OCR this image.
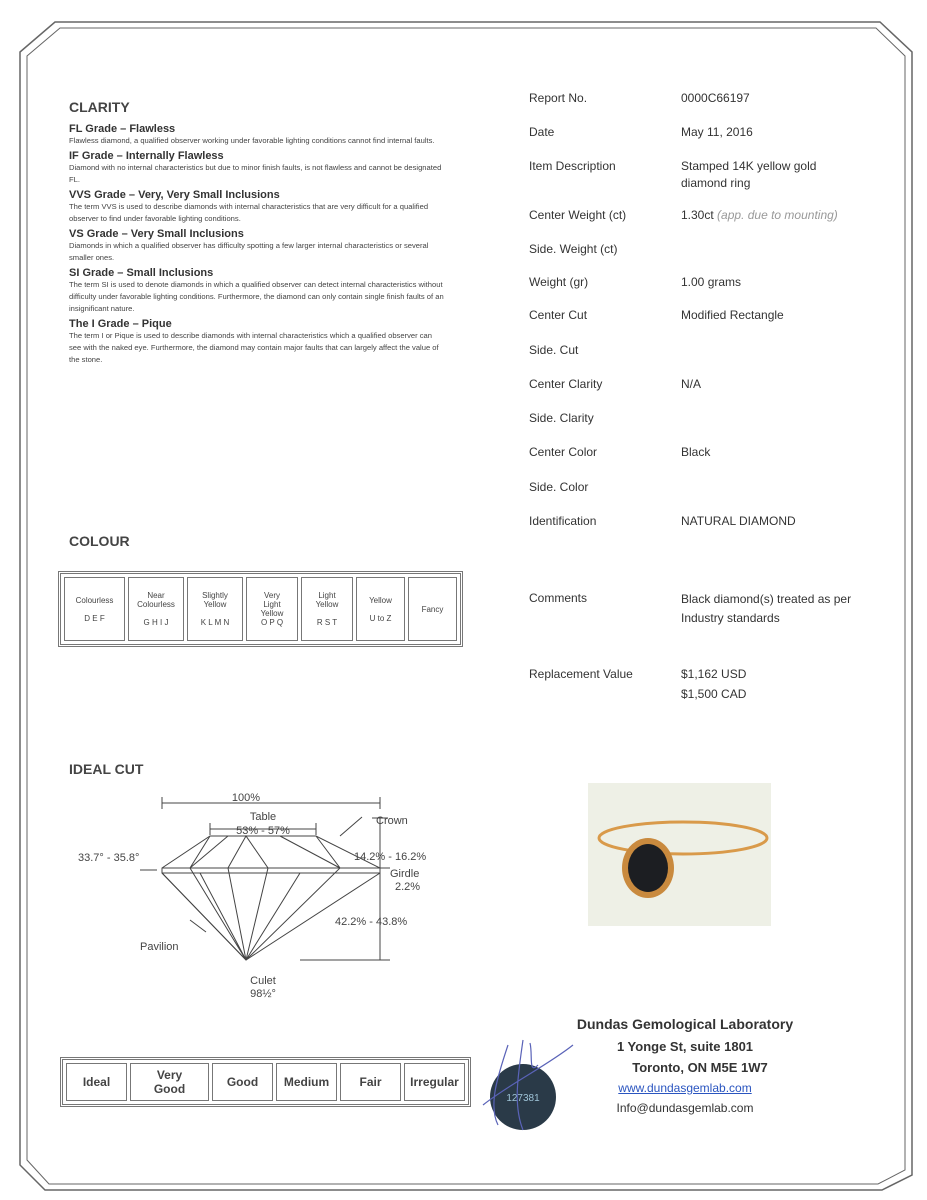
CLARITY
FL Grade – Flawless
Flawless diamond, a qualified observer working under favorable lighting conditions cannot find internal faults.
IF Grade – Internally Flawless
Diamond with no internal characteristics but due to minor finish faults, is not flawless and cannot be designated FL.
VVS Grade – Very, Very Small Inclusions
The term VVS is used to describe diamonds with internal characteristics that are very difficult for a qualified observer to find under favorable lighting conditions.
VS Grade – Very Small Inclusions
Diamonds in which a qualified observer has difficulty spotting a few larger internal characteristics or several smaller ones.
SI Grade – Small Inclusions
The term SI is used to denote diamonds in which a qualified observer can detect internal characteristics without difficulty under favorable lighting conditions. Furthermore, the diamond can only contain single finish faults of an insignificant nature.
The I Grade – Pique
The term I or Pique is used to describe diamonds with internal characteristics which a qualified observer can see with the naked eye. Furthermore, the diamond may contain major faults that can largely affect the value of the stone.
COLOUR
Colourless

D E F

Near Colourless

G H I J

Slightly Yellow

K L M N

Very Light Yellow
O P Q

Light Yellow

R S T

Yellow

U to Z

Fancy
IDEAL CUT
100%
Table
53% - 57%
Crown
33.7° - 35.8°	14.2% - 16.2%
Girdle
2.2%
42.2% - 43.8%
Pavilion
Culet
98½°
Ideal	Very Good	Good	Medium	Fair	Irregular
Report No.	0000C66197
Date	May 11, 2016
Item Description	Stamped 14K yellow gold diamond ring
Center Weight (ct)	1.30ct (app. due to mounting)
Side. Weight (ct)
Weight (gr)	1.00 grams
Center Cut	Modified Rectangle
Side. Cut
Center Clarity	N/A
Side. Clarity
Center Color	Black
Side. Color
Identification	NATURAL DIAMOND
Comments	Black diamond(s) treated as per Industry standards
Replacement Value	$1,162 USD
$1,500 CAD
Dundas Gemological Laboratory
1 Yonge St, suite 1801
Toronto, ON M5E 1W7
www.dundasgemlab.com
Info@dundasgemlab.com
127381
